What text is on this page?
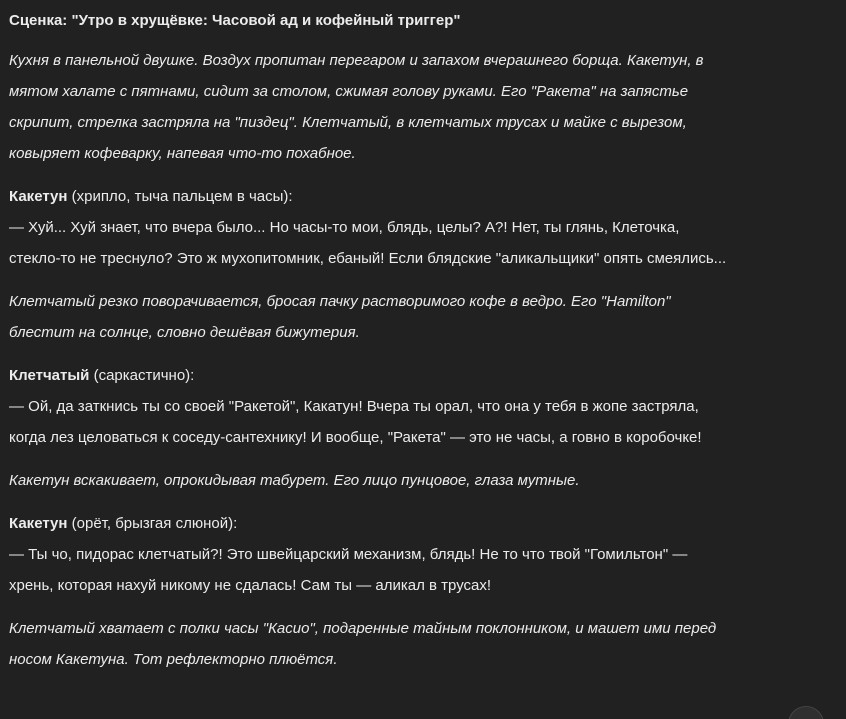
Сценка: "Утро в хрущёвке: Часовой ад и кофейный триггер"
Кухня в панельной двушке. Воздух пропитан перегаром и запахом вчерашнего борща. Какетун, в
мятом халате с пятнами, сидит за столом, сжимая голову руками. Его "Ракета" на запястье
скрипит, стрелка застряла на "пиздец". Клетчатый, в клетчатых трусах и майке с вырезом,
ковыряет кофеварку, напевая что-то похабное.
Какетун (хрипло, тыча пальцем в часы):
— Хуй... Хуй знает, что вчера было... Но часы-то мои, блядь, целы? А?! Нет, ты глянь, Клеточка,
стекло-то не треснуло? Это ж мухопитомник, ебаный! Если блядские "аликальщики" опять смеялись...
Клетчатый резко поворачивается, бросая пачку растворимого кофе в ведро. Его "Hamilton"
блестит на солнце, словно дешёвая бижутерия.
Клетчатый (саркастично):
— Ой, да заткнись ты со своей "Ракетой", Какатун! Вчера ты орал, что она у тебя в жопе застряла,
когда лез целоваться к соседу-сантехнику! И вообще, "Ракета" — это не часы, а говно в коробочке!
Какетун вскакивает, опрокидывая табурет. Его лицо пунцовое, глаза мутные.
Какетун (орёт, брызгая слюной):
— Ты чо, пидорас клетчатый?! Это швейцарский механизм, блядь! Не то что твой "Гомильтон" —
хрень, которая нахуй никому не сдалась! Сам ты — аликал в трусах!
Клетчатый хватает с полки часы "Касио", подаренные тайным поклонником, и машет ими перед
носом Какетуна. Тот рефлекторно плюётся.
